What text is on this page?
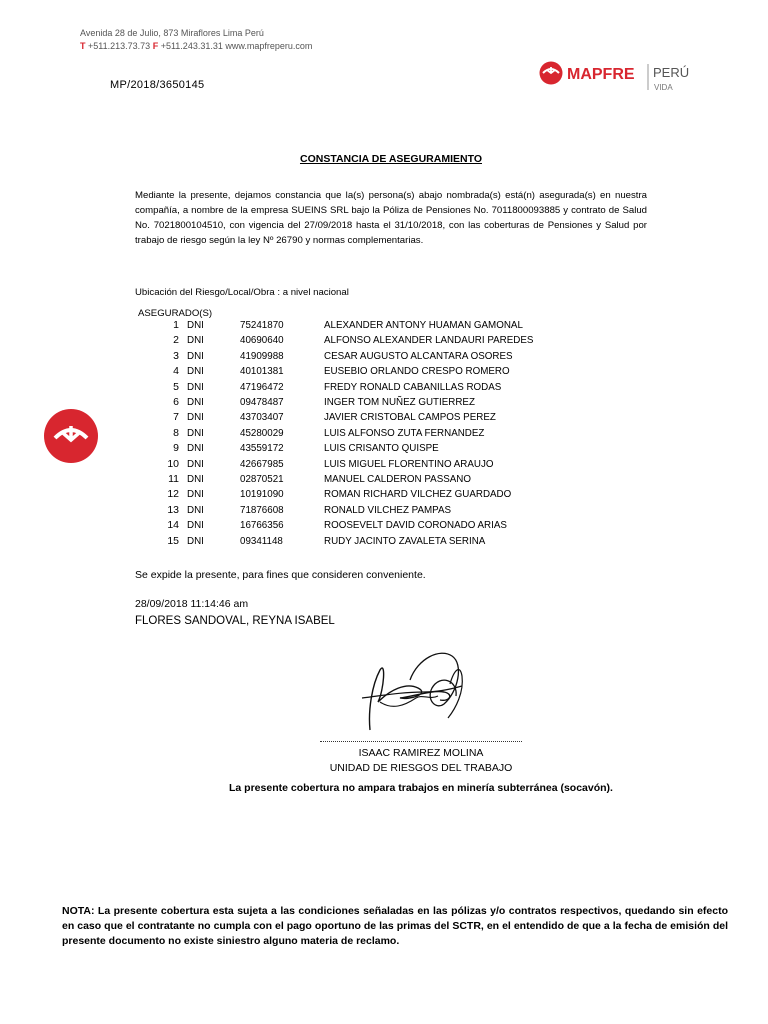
Avenida 28 de Julio, 873 Miraflores Lima Perú
T +511.213.73.73 F +511.243.31.31 www.mapfreperu.com
MP/2018/3650145
MAPFRE PERÚ
VIDA
CONSTANCIA DE ASEGURAMIENTO
Mediante la presente, dejamos constancia que la(s) persona(s) abajo nombrada(s) está(n) asegurada(s) en nuestra compañía, a nombre de la empresa SUEINS SRL bajo la Póliza de Pensiones No. 7011800093885 y contrato de Salud No. 7021800104510, con vigencia del 27/09/2018 hasta el 31/10/2018, con las coberturas de Pensiones y Salud por trabajo de riesgo según la ley Nº 26790 y normas complementarias.
Ubicación del Riesgo/Local/Obra : a nivel nacional
ASEGURADO(S)
1	DNI	75241870	ALEXANDER ANTONY HUAMAN GAMONAL
2	DNI	40690640	ALFONSO ALEXANDER LANDAURI PAREDES
3	DNI	41909988	CESAR AUGUSTO ALCANTARA OSORES
4	DNI	40101381	EUSEBIO ORLANDO CRESPO ROMERO
5	DNI	47196472	FREDY RONALD CABANILLAS RODAS
6	DNI	09478487	INGER TOM NUÑEZ GUTIERREZ
7	DNI	43703407	JAVIER CRISTOBAL CAMPOS PEREZ
8	DNI	45280029	LUIS ALFONSO ZUTA FERNANDEZ
9	DNI	43559172	LUIS CRISANTO QUISPE
10	DNI	42667985	LUIS MIGUEL FLORENTINO ARAUJO
11	DNI	02870521	MANUEL CALDERON PASSANO
12	DNI	10191090	ROMAN RICHARD VILCHEZ GUARDADO
13	DNI	71876608	RONALD VILCHEZ PAMPAS
14	DNI	16766356	ROOSEVELT DAVID CORONADO ARIAS
15	DNI	09341148	RUDY JACINTO ZAVALETA SERINA
Se expide la presente, para fines que consideren conveniente.
28/09/2018 11:14:46 am
FLORES SANDOVAL, REYNA ISABEL
ISAAC RAMIREZ MOLINA
UNIDAD DE RIESGOS DEL TRABAJO
La presente cobertura no ampara trabajos en minería subterránea (socavón).
NOTA: La presente cobertura esta sujeta a las condiciones señaladas en las pólizas y/o contratos respectivos, quedando sin efecto en caso que el contratante no cumpla con el pago oportuno de las primas del SCTR, en el entendido de que a la fecha de emisión del presente documento no existe siniestro alguno materia de reclamo.
